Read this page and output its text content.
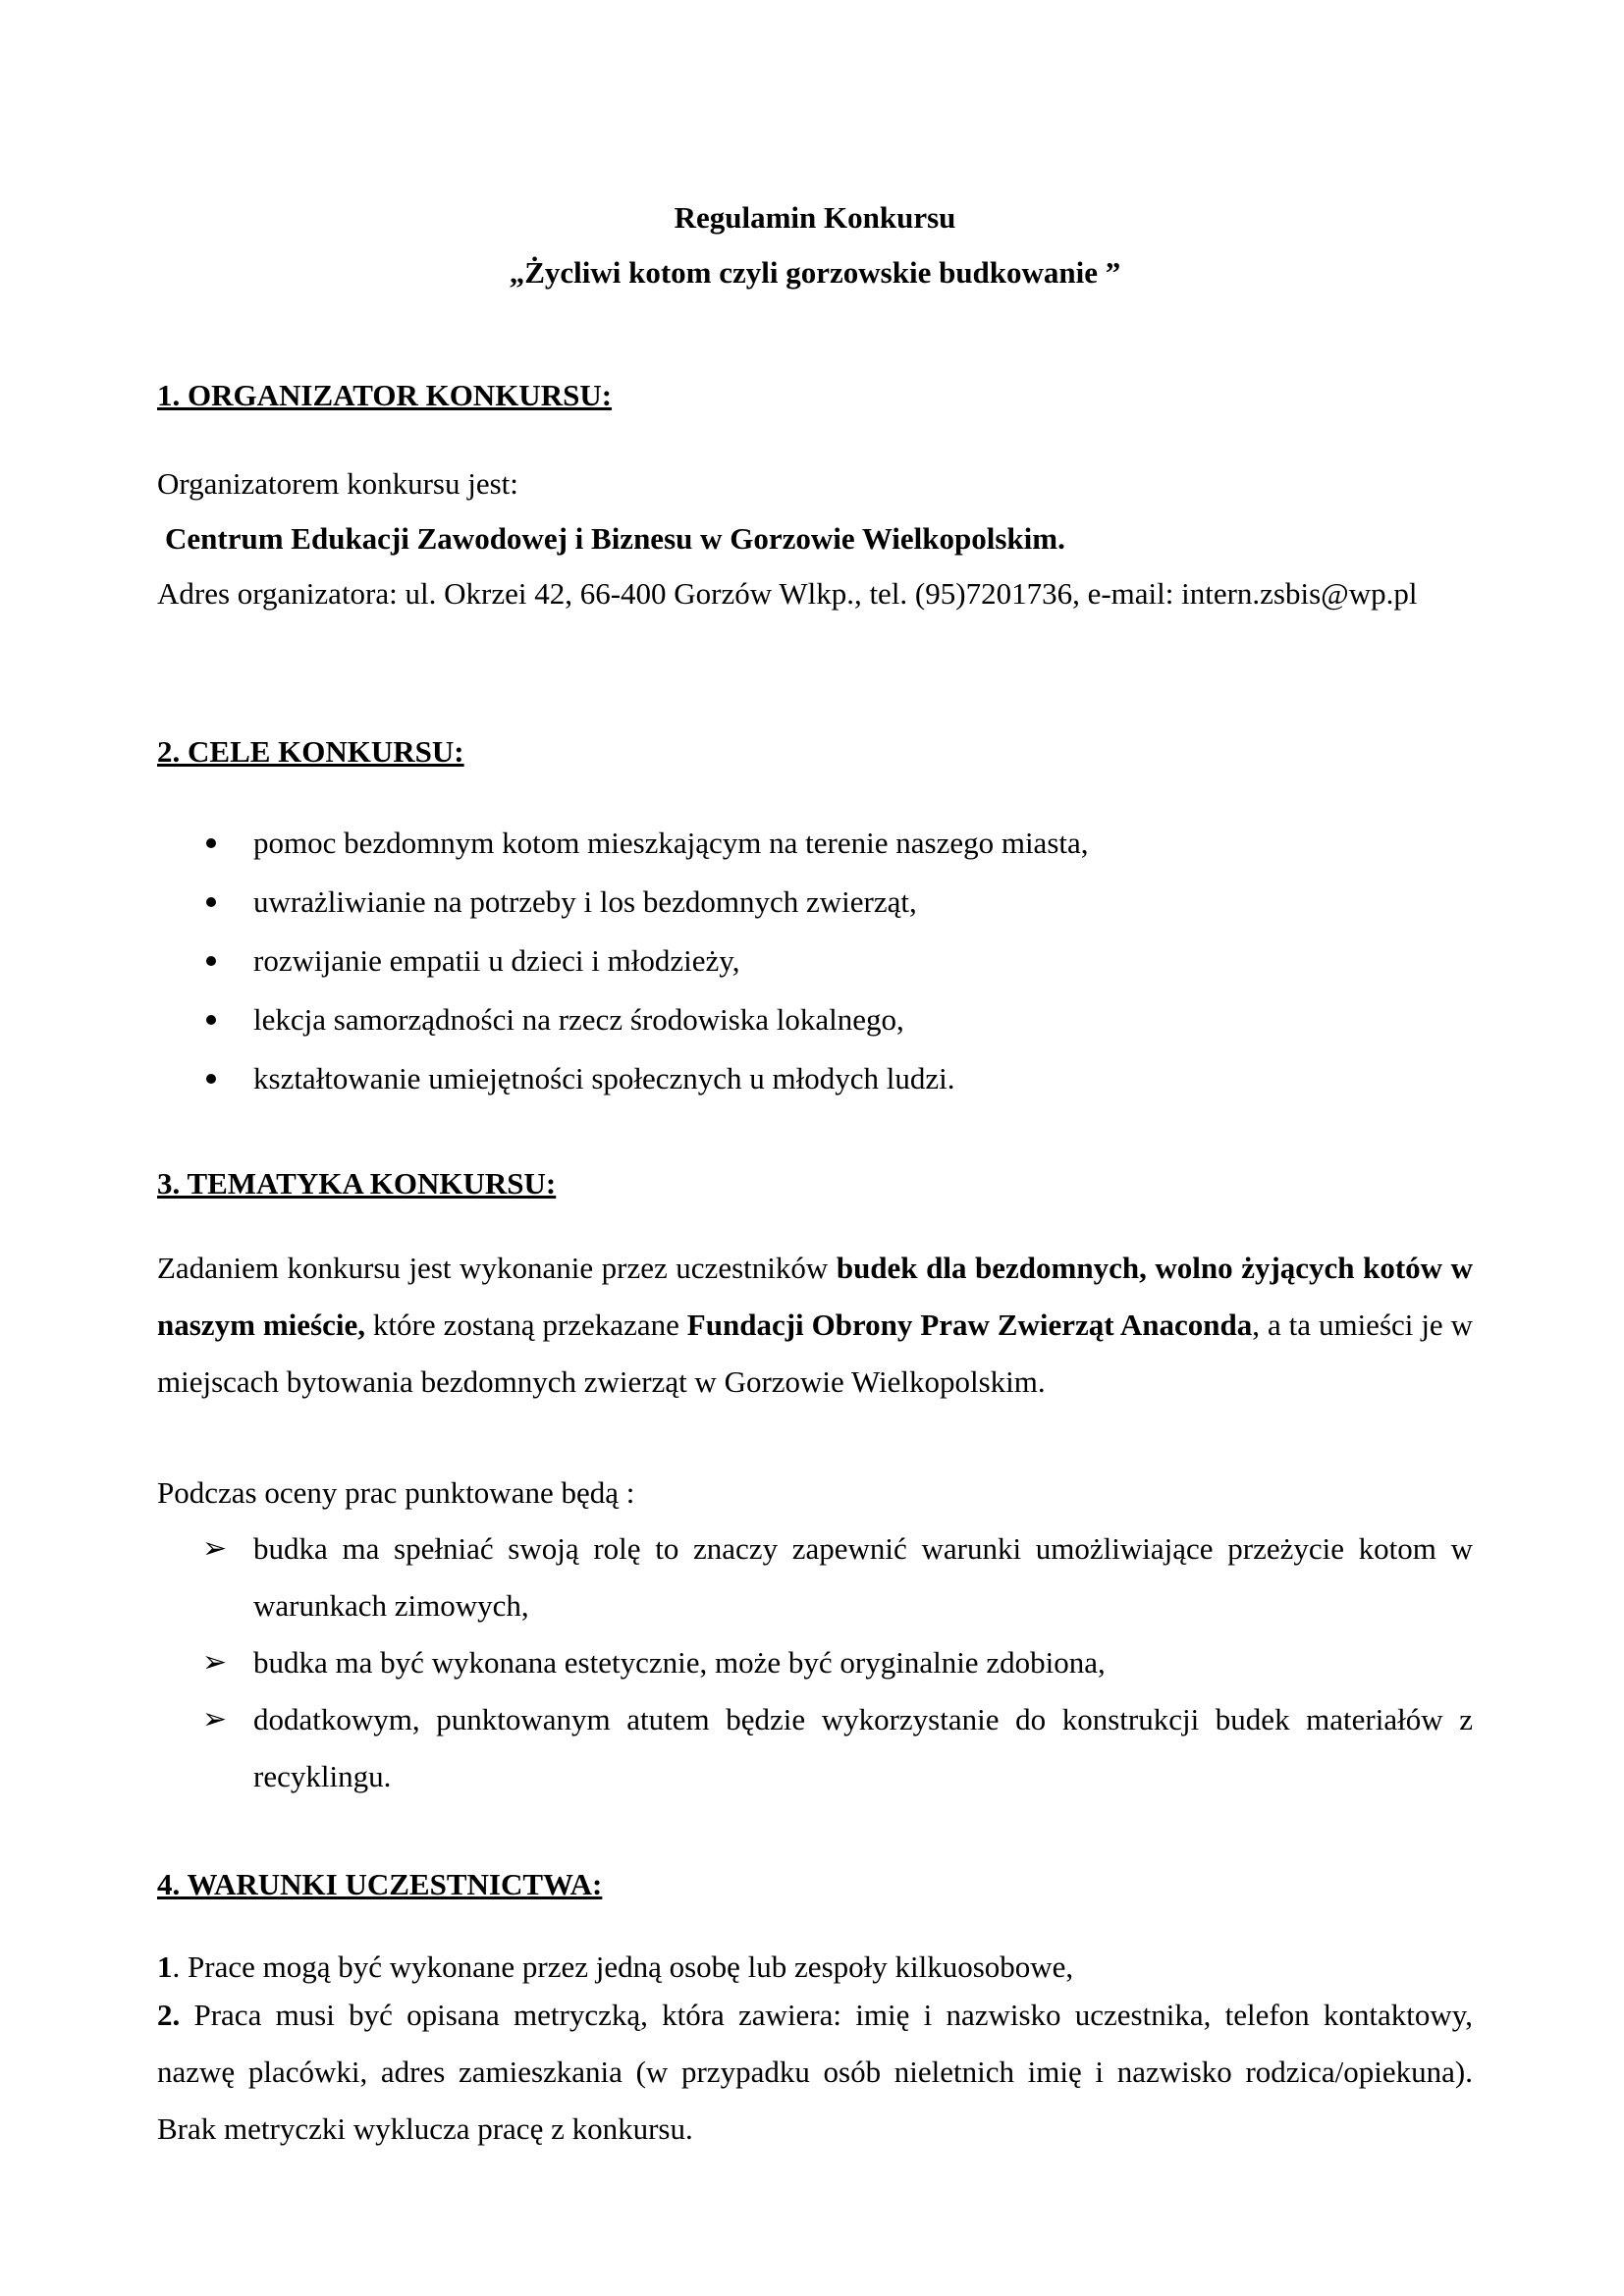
Regulamin Konkursu
„Życliwi kotom czyli gorzowskie budkowanie ”
1. ORGANIZATOR KONKURSU:
Organizatorem konkursu jest:
Centrum Edukacji Zawodowej i Biznesu w Gorzowie Wielkopolskim.
Adres organizatora: ul. Okrzei 42, 66-400 Gorzów Wlkp., tel. (95)7201736, e-mail: intern.zsbis@wp.pl
2. CELE KONKURSU:
pomoc bezdomnym kotom mieszkającym na terenie naszego miasta,
uwrażliwianie na potrzeby i los bezdomnych zwierząt,
rozwijanie empatii u dzieci i młodzieży,
lekcja samorządności na rzecz środowiska lokalnego,
kształtowanie umiejętności społecznych u młodych ludzi.
3. TEMATYKA KONKURSU:
Zadaniem konkursu jest wykonanie przez uczestników budek dla bezdomnych, wolno żyjących kotów w naszym mieście, które zostaną przekazane Fundacji Obrony Praw Zwierząt Anaconda, a ta umieści je w miejscach bytowania bezdomnych zwierząt w Gorzowie Wielkopolskim.
Podczas oceny prac punktowane będą :
➢ budka ma spełniać swoją rolę to znaczy zapewnić warunki umożliwiające przeżycie kotom w warunkach zimowych,
➢ budka ma być wykonana estetycznie, może być oryginalnie zdobiona,
➢ dodatkowym, punktowanym atutem będzie wykorzystanie do konstrukcji budek materiałów z recyklingu.
4. WARUNKI UCZESTNICTWA:
1. Prace mogą być wykonane przez jedną osobę lub zespoły kilkuosobowe,
2. Praca musi być opisana metryczką, która zawiera: imię i nazwisko uczestnika, telefon kontaktowy, nazwę placówki, adres zamieszkania (w przypadku osób nieletnich imię i nazwisko rodzica/opiekuna). Brak metryczki wyklucza pracę z konkursu.
